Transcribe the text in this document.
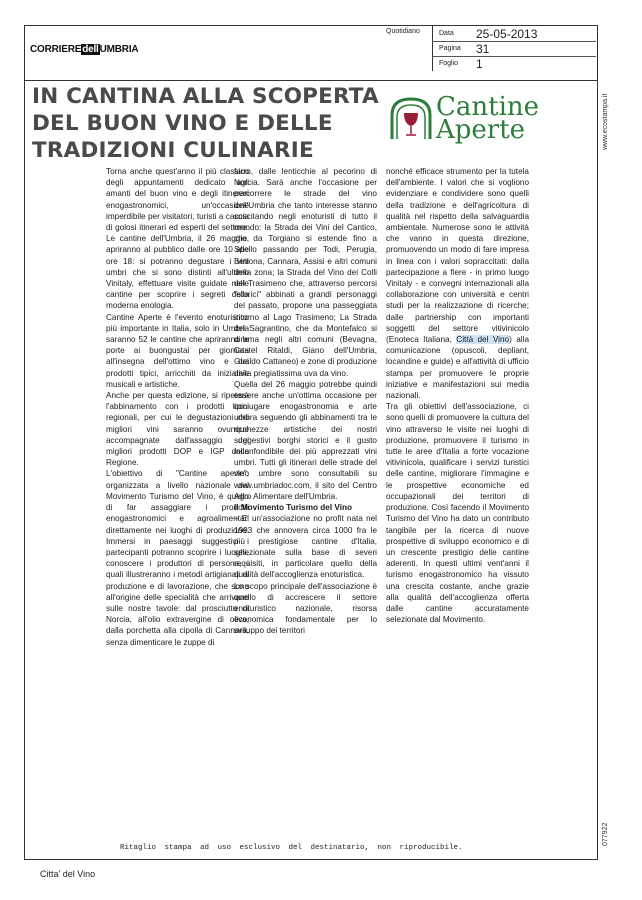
CORRIEREdellUMBRIA
Quotidiano	Data 25-05-2013
Pagina 31
Foglio 1
www.ecostampa.it
077922
IN CANTINA ALLA SCOPERTA DEL BUON VINO E DELLE TRADIZIONI CULINARIE
Cantine
Aperte

Torna anche quest'anno il più classico degli appuntamenti dedicato agli amanti del buon vino e degli itinerari enogastronomici, un'occasione imperdibile per visitatori, turisti a caccia di golosi itinerari ed esperti del settore. Le cantine dell'Umbria, il 26 maggio, apriranno al pubblico dalle ore 10 alle ore 18: si potranno degustare i vini umbri che si sono distinti all'ultimo Vinitaly, effettuare visite guidate nelle cantine per scoprire i segreti della moderna enologia.
Cantine Aperte è l'evento enoturistico più importante in Italia, solo in Umbria saranno 52 le cantine che apriranno le porte ai buongustai per giornata all'insegna dell'ottimo vino e dei prodotti tipici, arricchiti da iniziative musicali e artistiche.
Anche per questa edizione, si ripeterà l'abbinamento con i prodotti tipici regionali, per cui le degustazioni dei migliori vini saranno ovunque accompagnate dall'assaggio dei migliori prodotti DOP e IGP della Regione.
L'obiettivo di "Cantine aperte", organizzata a livello nazionale dal Movimento Turismo del Vino, è quello di far assaggiare i prodotti enogastronomici e agroalimentari direttamente nei luoghi di produzione. Immersi in paesaggi suggestivi i partecipanti potranno scoprire i luoghi, conoscere i produttori di persona, i quali illustreranno i metodi artigianali di produzione e di lavorazione, che sono all'origine delle specialità che arrivano sulle nostre tavole: dal prosciutto di Norcia, all'olio extravergine di oliva, dalla porchetta alla cipolla di Cannara, senza dimenticare le zuppe di

farro, dalle lenticchie al pecorino di Norcia. Sarà anche l'occasione per percorrere le strade del vino dell'Umbria che tanto interesse stanno suscitando negli enoturisti di tutto il mondo: la Strada dei Vini del Cantico, che da Torgiano si estende fino a Spello passando per Todi, Perugia, Bettona, Cannara, Assisi e altri comuni della zona; la Strada del Vino dei Colli del Trasimeno che, attraverso percorsi "storici" abbinati a grandi personaggi del passato, propone una passeggiata intorno al Lago Trasimeno; La Strada del Sagrantino, che da Montefalco si dirama negli altri comuni (Bevagna, Castel Ritaldi, Giano dell'Umbria, Gualdo Cattaneo) e zone di produzione della pregiatissima uva da vino.
Quella del 26 maggio potrebbe quindi essere anche un'ottima occasione per coniugare enogastronomia e arte umbra seguendo gli abbinamenti tra le ricchezze artistiche dei nostri suggestivi borghi storici e il gusto inconfondibile dei più apprezzati vini umbri. Tutti gli itinerari delle strade del vino umbre sono consultabili su www.umbriadoc.com, il sito del Centro Agro Alimentare dell'Umbria.
Il Movimento Turismo del Vino
– E' un'associazione no profit nata nel 1993 che annovera circa 1000 fra le più prestigiose cantine d'Italia, selezionate sulla base di severi requisiti, in particolare quello della qualità dell'accoglienza enoturistica.
Lo scopo principale dell'associazione è quello di accrescere il settore enoturistico nazionale, risorsa economica fondamentale per lo sviluppo dei territori
nonché efficace strumento per la tutela dell'ambiente. I valori che si vogliono evidenziare e condividere sono quelli della tradizione e dell'agricoltura di qualità nel rispetto della salvaguardia ambientale. Numerose sono le attività che vanno in questa direzione, promuovendo un modo di fare impresa in linea con i valori sopraccitati: dalla partecipazione a fiere - in primo luogo Vinitaly - e convegni internazionali alla collaborazione con università e centri studi per la realizzazione di ricerche; dalle partnership con importanti soggetti del settore vitivinicolo (Enoteca Italiana, Città del Vino) alla comunicazione (opuscoli, depliant, locandine e guide) e all'attività di ufficio stampa per promuovere le proprie iniziative e manifestazioni sui media nazionali.
Tra gli obiettivi dell'associazione, ci sono quelli di promuovere la cultura del vino attraverso le visite nei luoghi di produzione, promuovere il turismo in tutte le aree d'Italia a forte vocazione vitivinicola, qualificare i servizi turistici delle cantine, migliorare l'immagine e le prospettive economiche ed occupazionali dei territori di produzione. Così facendo il Movimento Turismo del Vino ha dato un contributo tangibile per la ricerca di nuove prospettive di sviluppo economico e di un crescente prestigio delle cantine aderenti. In questi ultimi vent'anni il turismo enogastronomico ha vissuto una crescita costante, anche grazie alla qualità dell'accoglienza offerta dalle cantine accuratamente selezionate dal Movimento.
Ritaglio stampa ad uso esclusivo del destinatario, non riproducibile.
Citta' del Vino
